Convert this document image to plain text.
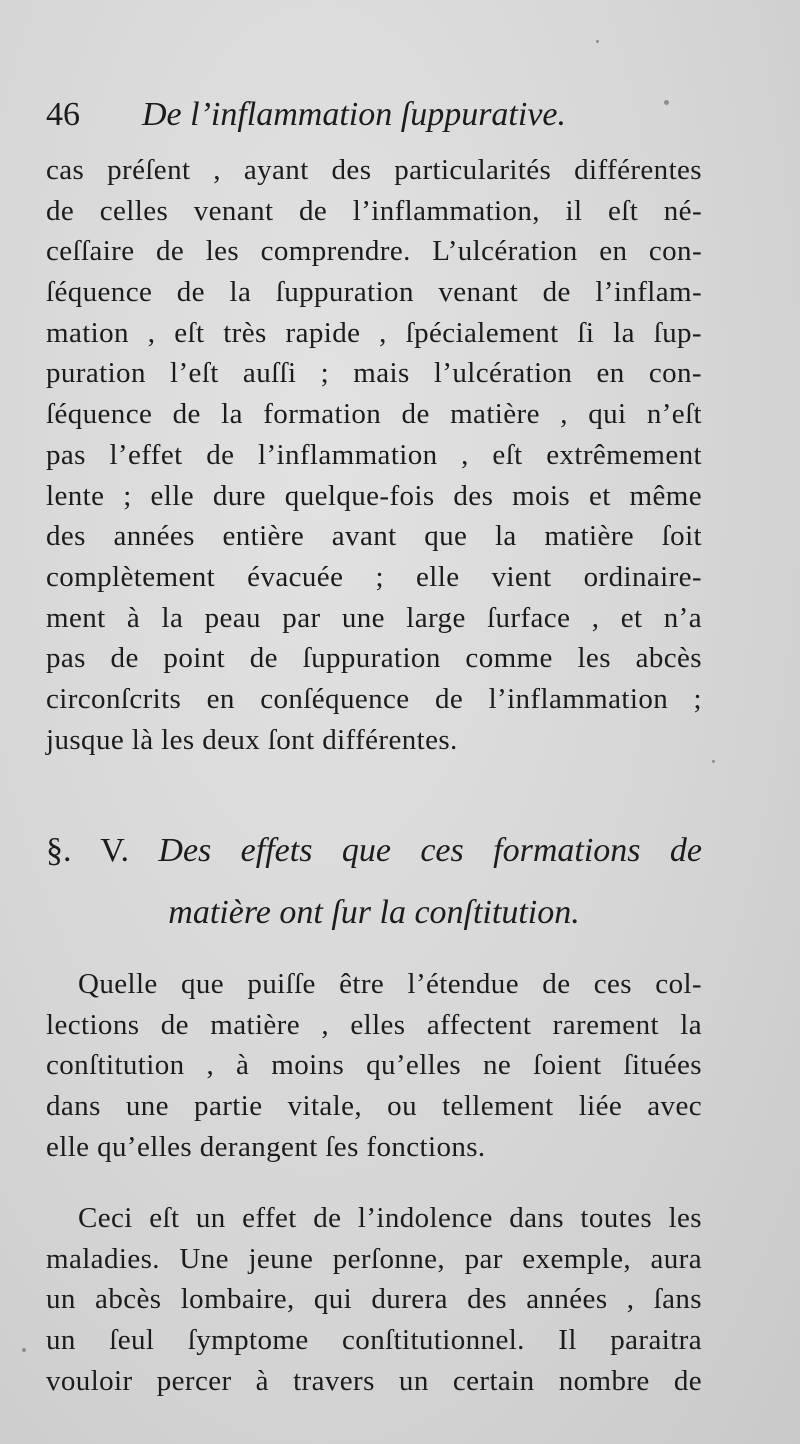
46 De l’inflammation ſuppurative.
cas préſent , ayant des particularités différentes
de celles venant de l’inflammation, il eſt né-
ceſſaire de les comprendre. L’ulcération en con-
ſéquence de la ſuppuration venant de l’inflam-
mation , eſt très rapide , ſpécialement ſi la ſup-
puration l’eſt auſſi ; mais l’ulcération en con-
ſéquence de la formation de matière , qui n’eſt
pas l’effet de l’inflammation , eſt extrêmement
lente ; elle dure quelque-fois des mois et même
des années entière avant que la matière ſoit
complètement évacuée ; elle vient ordinaire-
ment à la peau par une large ſurface , et n’a
pas de point de ſuppuration comme les abcès
circonſcrits en conſéquence de l’inflammation ;
jusque là les deux ſont différentes.
§. V. Des effets que ces formations de
matière ont ſur la conſtitution.
Quelle que puiſſe être l’étendue de ces col-
lections de matière , elles affectent rarement la
conſtitution , à moins qu’elles ne ſoient ſituées
dans une partie vitale, ou tellement liée avec
elle qu’elles derangent ſes fonctions.
Ceci eſt un effet de l’indolence dans toutes les
maladies. Une jeune perſonne, par exemple, aura
un abcès lombaire, qui durera des années , ſans
un ſeul ſymptome conſtitutionnel. Il paraitra
vouloir percer à travers un certain nombre de
